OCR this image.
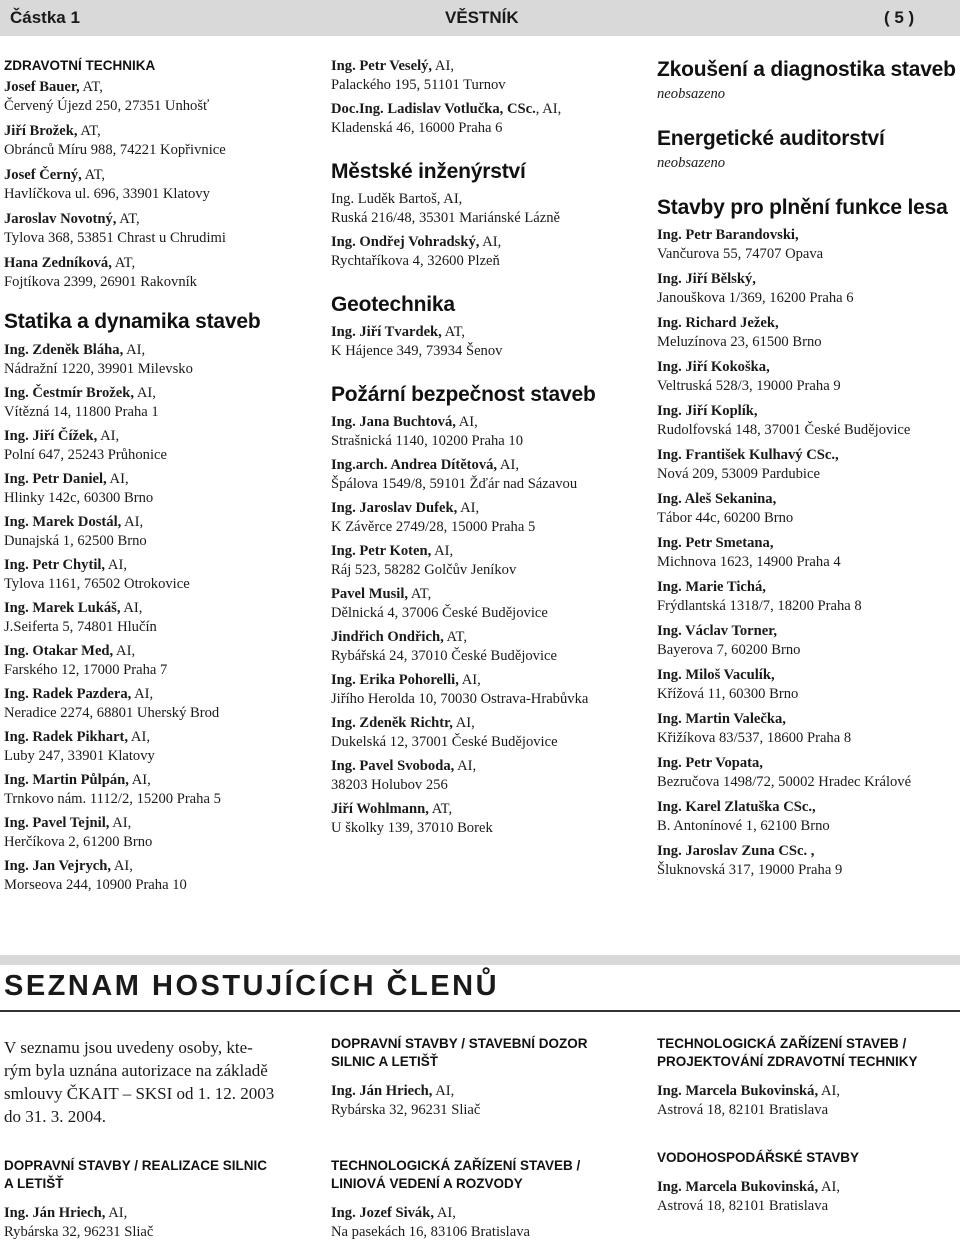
Částka 1	VĚSTNÍK	( 5 )
ZDRAVOTNÍ TECHNIKA
Josef Bauer, AT,
Červený Újezd 250, 27351 Unhošť
Jiří Brožek, AT,
Obránců Míru 988, 74221 Kopřivnice
Josef Černý, AT,
Havlíčkova ul. 696, 33901 Klatovy
Jaroslav Novotný, AT,
Tylova 368, 53851 Chrast u Chrudimi
Hana Zedníková, AT,
Fojtíkova 2399, 26901 Rakovník
Statika a dynamika staveb
Ing. Zdeněk Bláha, AI,
Nádražní 1220, 39901 Milevsko
Ing. Čestmír Brožek, AI,
Vítězná 14, 11800 Praha 1
Ing. Jiří Čížek, AI,
Polní 647, 25243 Průhonice
Ing. Petr Daniel, AI,
Hlinky 142c, 60300 Brno
Ing. Marek Dostál, AI,
Dunajská 1, 62500 Brno
Ing. Petr Chytil, AI,
Tylova 1161, 76502 Otrokovice
Ing. Marek Lukáš, AI,
J.Seiferta 5, 74801 Hlučín
Ing. Otakar Med, AI,
Farského 12, 17000 Praha 7
Ing. Radek Pazdera, AI,
Neradice 2274, 68801 Uherský Brod
Ing. Radek Pikhart, AI,
Luby 247, 33901 Klatovy
Ing. Martin Půlpán, AI,
Trnkovo nám. 1112/2, 15200 Praha 5
Ing. Pavel Tejnil, AI,
Herčíkova 2, 61200 Brno
Ing. Jan Vejrych, AI,
Morseova 244, 10900 Praha 10
Ing. Petr Veselý, AI,
Palackého 195, 51101 Turnov
Doc.Ing. Ladislav Votlučka, CSc., AI,
Kladenská 46, 16000 Praha 6
Městské inženýrství
Ing. Luděk Bartoš, AI,
Ruská 216/48, 35301 Mariánské Lázně
Ing. Ondřej Vohradský, AI,
Rychtaříkova 4, 32600 Plzeň
Geotechnika
Ing. Jiří Tvardek, AT,
K Hájence 349, 73934 Šenov
Požární bezpečnost staveb
Ing. Jana Buchtová, AI,
Strašnická 1140, 10200 Praha 10
Ing.arch. Andrea Dítětová, AI,
Špálova 1549/8, 59101 Žďár nad Sázavou
Ing. Jaroslav Dufek, AI,
K Závěrce 2749/28, 15000 Praha 5
Ing. Petr Koten, AI,
Ráj 523, 58282 Golčův Jeníkov
Pavel Musil, AT,
Dělnická 4, 37006 České Budějovice
Jindřich Ondřich, AT,
Rybářská 24, 37010 České Budějovice
Ing. Erika Pohorelli, AI,
Jiřího Herolda 10, 70030 Ostrava-Hrabůvka
Ing. Zdeněk Richtr, AI,
Dukelská 12, 37001 České Budějovice
Ing. Pavel Svoboda, AI,
38203 Holubov 256
Jiří Wohlmann, AT,
U školky 139, 37010 Borek
Zkoušení a diagnostika staveb
neobsazeno
Energetické auditorství
neobsazeno
Stavby pro plnění funkce lesa
Ing. Petr Barandovski,
Vančurova 55, 74707 Opava
Ing. Jiří Bělský,
Janouškova 1/369, 16200 Praha 6
Ing. Richard Ježek,
Meluzínova 23, 61500 Brno
Ing. Jiří Kokoška,
Veltruská 528/3, 19000 Praha 9
Ing. Jiří Koplík,
Rudolfovská 148, 37001 České Budějovice
Ing. František Kulhavý CSc.,
Nová 209, 53009 Pardubice
Ing. Aleš Sekanina,
Tábor 44c, 60200 Brno
Ing. Petr Smetana,
Michnova 1623, 14900 Praha 4
Ing. Marie Tichá,
Frýdlantská 1318/7, 18200 Praha 8
Ing. Václav Torner,
Bayerova 7, 60200 Brno
Ing. Miloš Vaculík,
Křížová 11, 60300 Brno
Ing. Martin Valečka,
Křižíkova 83/537, 18600 Praha 8
Ing. Petr Vopata,
Bezručova 1498/72, 50002 Hradec Králové
Ing. Karel Zlatuška CSc.,
B. Antonínové 1, 62100 Brno
Ing. Jaroslav Zuna CSc. ,
Šluknovská 317, 19000 Praha 9
SEZNAM HOSTUJÍCÍCH ČLENŮ
V seznamu jsou uvedeny osoby, kte-
rým byla uznána autorizace na základě
smlouvy ČKAIT – SKSI od 1. 12. 2003
do 31. 3. 2004.
DOPRAVNÍ STAVBY / STAVEBNÍ DOZOR
SILNIC A LETIŠŤ
Ing. Ján Hriech, AI,
Rybárska 32, 96231 Sliač
TECHNOLOGICKÁ ZAŘÍZENÍ STAVEB /
PROJEKTOVÁNÍ ZDRAVOTNÍ TECHNIKY
Ing. Marcela Bukovinská, AI,
Astrová 18, 82101 Bratislava
DOPRAVNÍ STAVBY / REALIZACE SILNIC
A LETIŠŤ
Ing. Ján Hriech, AI,
Rybárska 32, 96231 Sliač
TECHNOLOGICKÁ ZAŘÍZENÍ STAVEB /
LINIOVÁ VEDENÍ A ROZVODY
Ing. Jozef Sivák, AI,
Na pasekách 16, 83106 Bratislava
VODOHOSPODÁŘSKÉ STAVBY
Ing. Marcela Bukovinská, AI,
Astrová 18, 82101 Bratislava
